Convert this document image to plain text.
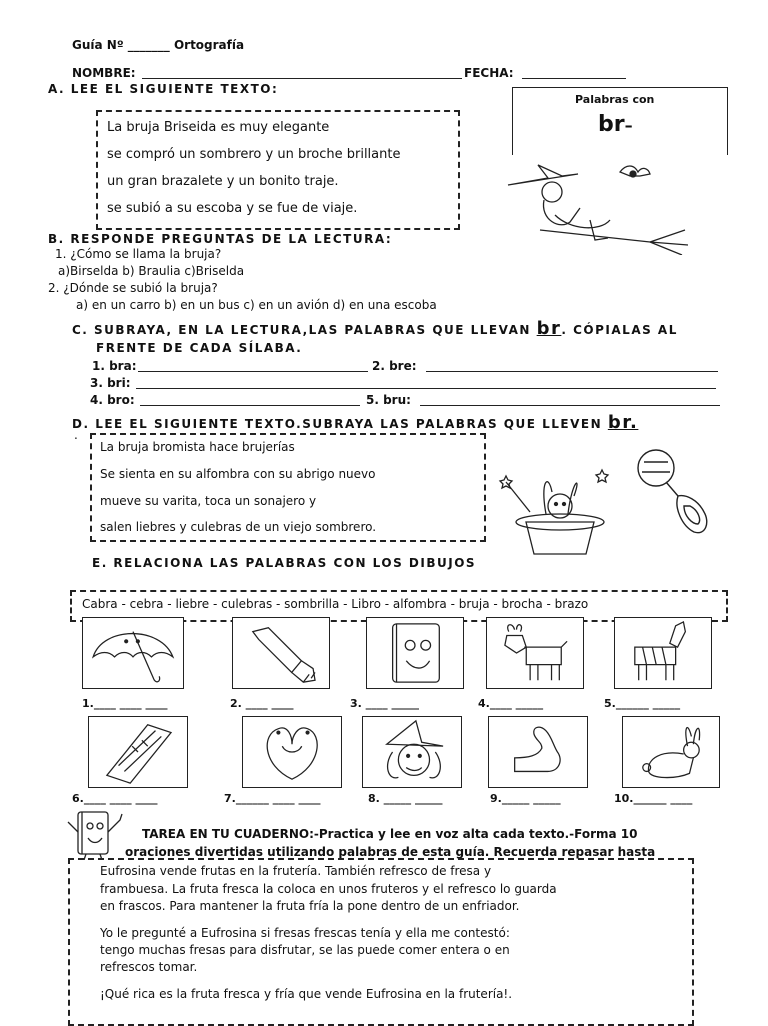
Guía Nº _______ Ortografía
NOMBRE:	FECHA:
A. LEE EL SIGUIENTE TEXTO:
La bruja Briseida es muy elegante
se compró un sombrero y un broche brillante
un gran brazalete y un bonito traje.
se subió a su escoba y se fue de viaje.
Palabras con
br–
B. RESPONDE PREGUNTAS DE LA LECTURA:
1. ¿Cómo se llama la bruja?
a)Birselda b) Braulia c)Briselda
2. ¿Dónde se subió la bruja?
a) en un carro b) en un bus c) en un avión d) en una escoba
C. SUBRAYA, EN LA LECTURA,LAS PALABRAS QUE LLEVAN br. CÓPIALAS AL
FRENTE DE CADA SÍLABA.
1. bra:	2. bre:
3. bri:
4. bro:	5. bru:
D. LEE EL SIGUIENTE TEXTO.SUBRAYA LAS PALABRAS QUE LLEVEN br.
.
La bruja bromista hace brujerías
Se sienta en su alfombra con su abrigo nuevo
mueve su varita, toca un sonajero y
salen liebres y culebras de un viejo sombrero.
E. RELACIONA LAS PALABRAS CON LOS DIBUJOS
Cabra - cebra - liebre - culebras - sombrilla - Libro - alfombra - bruja - brocha - brazo
1.____ ____ ____	2. ____ ____	3. ____ _____	4.____ _____	5.______ _____
6.____ ____ ____	7.______ ____ ____	8. _____ _____	9._____ _____	10.______ ____
TAREA EN TU CUADERNO:-Practica y lee en voz alta cada texto.-Forma 10
oraciones divertidas utilizando palabras de esta guía. Recuerda repasar hasta
Eufrosina vende frutas en la frutería. También refresco de fresa y
frambuesa. La fruta fresca la coloca en unos fruteros y el refresco lo guarda
en frascos. Para mantener la fruta fría la pone dentro de un enfriador.
Yo le pregunté a Eufrosina si fresas frescas tenía y ella me contestó:
tengo muchas fresas para disfrutar, se las puede comer entera o en
refrescos tomar.
¡Qué rica es la fruta fresca y fría que vende Eufrosina en la frutería!.
